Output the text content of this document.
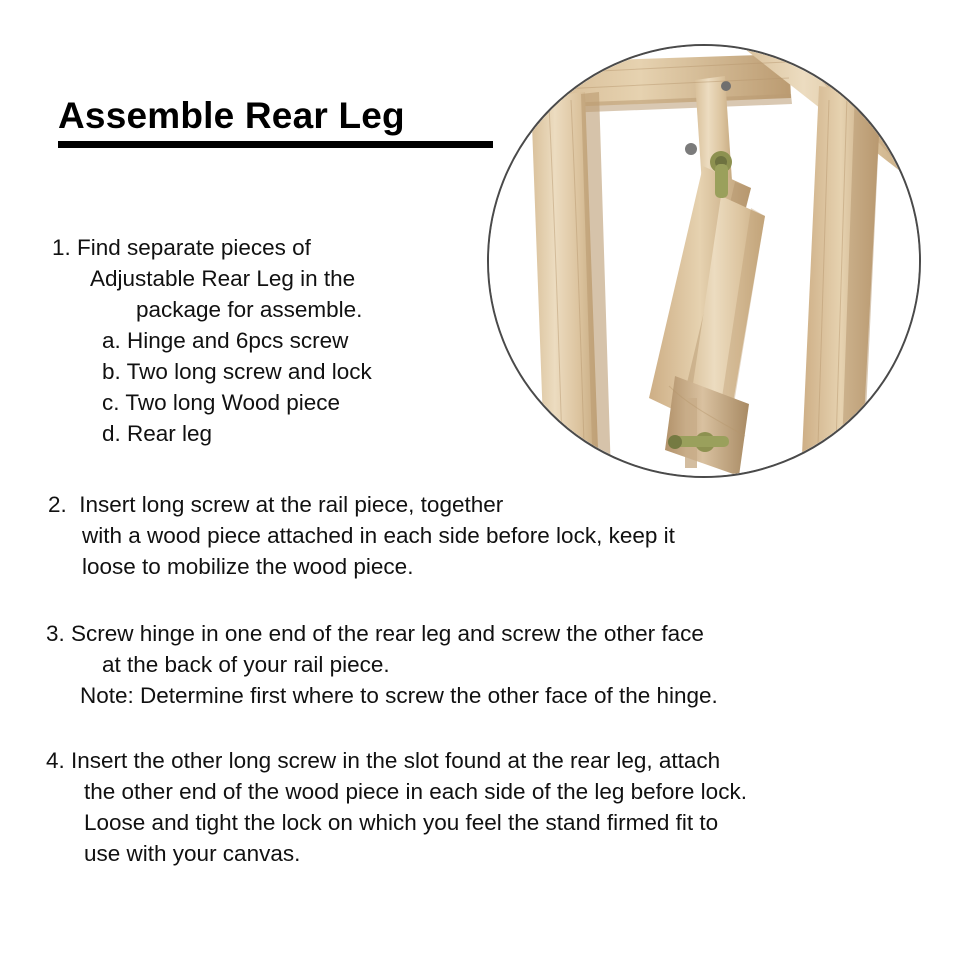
Assemble Rear Leg
1. Find separate pieces of
Adjustable Rear Leg in the
package for assemble.
a. Hinge and 6pcs screw
b. Two long screw and lock
c. Two long Wood piece
d. Rear leg
2.  Insert long screw at the rail piece, together
with a wood piece attached in each side before lock, keep it
loose to mobilize the wood piece.
3. Screw hinge in one end of the rear leg and screw the other face
at the back of your rail piece.
Note: Determine first where to screw the other face of the hinge.
4. Insert the other long screw in the slot found at the rear leg, attach
the other end of the wood piece in each side of the leg before lock.
Loose and tight the lock on which you feel the stand firmed fit to
use with your canvas.
